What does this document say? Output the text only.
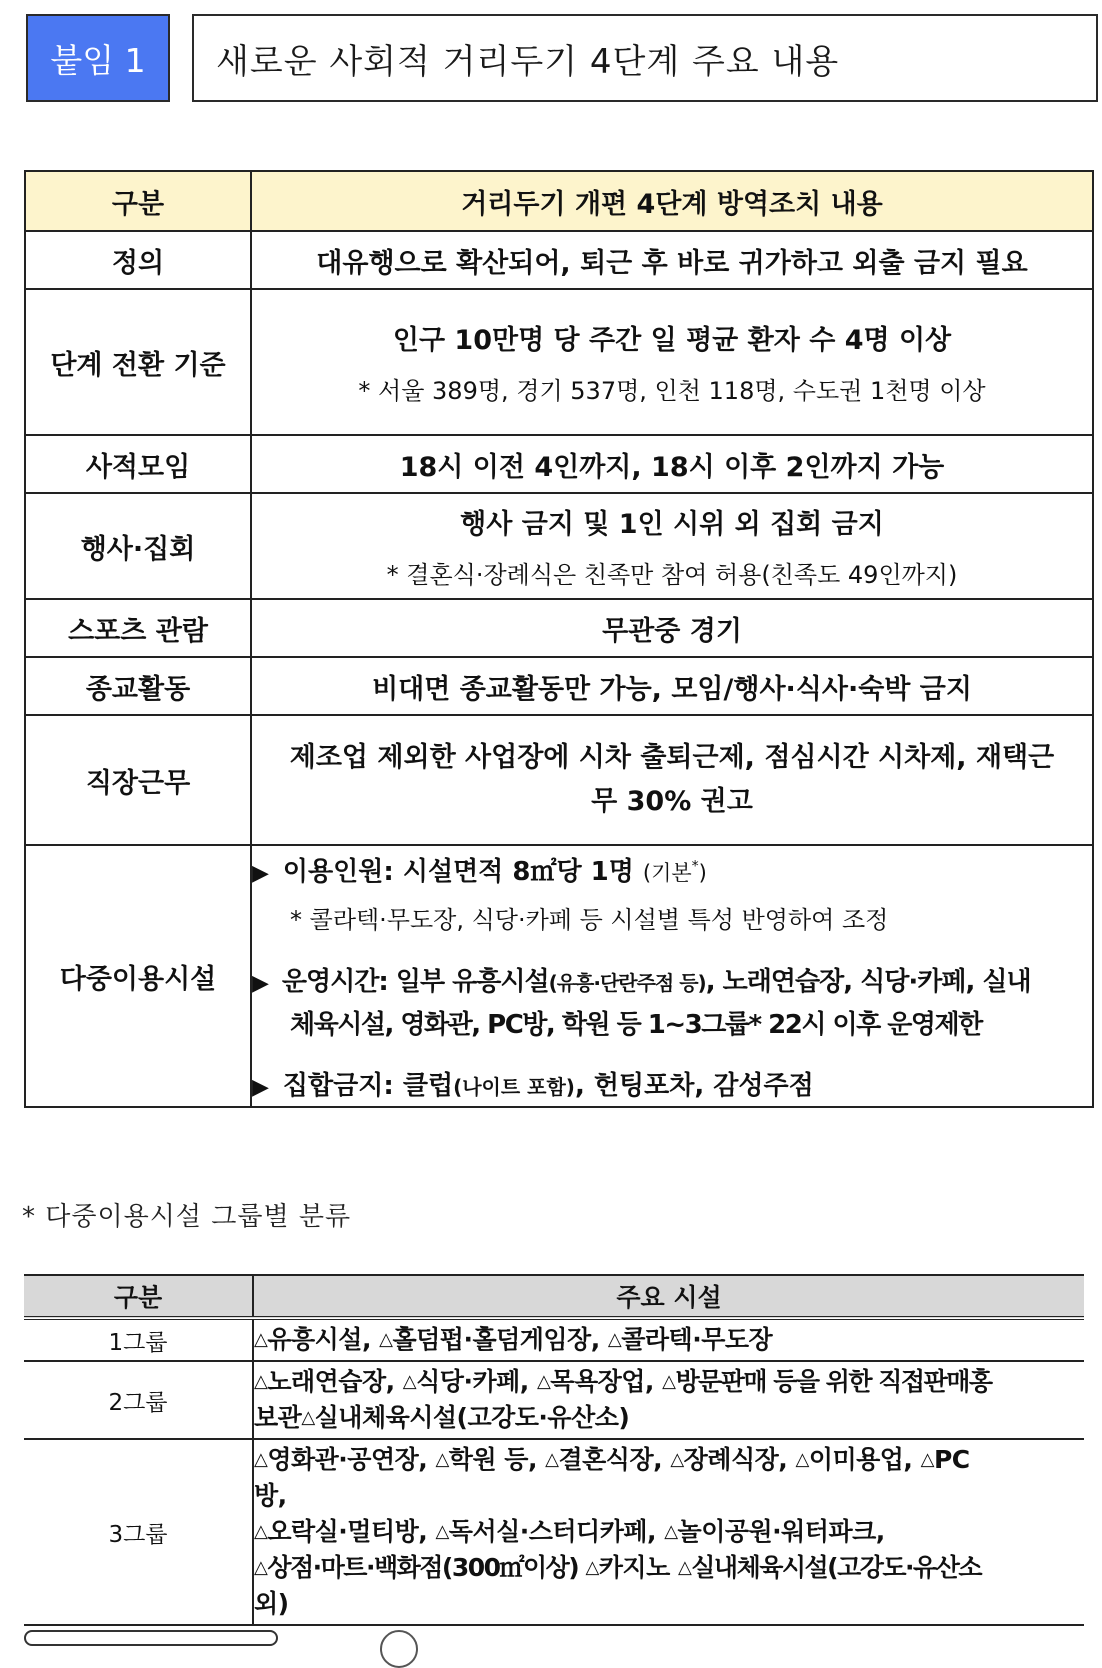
붙임 1	새로운 사회적 거리두기 4단계 주요 내용
구분	거리두기 개편 4단계 방역조치 내용
정의	대유행으로 확산되어, 퇴근 후 바로 귀가하고 외출 금지 필요
단계 전환 기준	인구 10만명 당 주간 일 평균 환자 수 4명 이상
* 서울 389명, 경기 537명, 인천 118명, 수도권 1천명 이상

사적모임	18시 이전 4인까지, 18시 이후 2인까지 가능
행사·집회	행사 금지 및 1인 시위 외 집회 금지
* 결혼식·장례식은 친족만 참여 허용(친족도 49인까지)

스포츠 관람	무관중 경기
종교활동	비대면 종교활동만 가능, 모임/행사·식사·숙박 금지
직장근무	제조업 제외한 사업장에 시차 출퇴근제, 점심시간 시차제, 재택근
무 30% 권고

다중이용시설	▶ 이용인원: 시설면적 8㎡당 1명 (기본*)
* 콜라텍·무도장, 식당·카페 등 시설별 특성 반영하여 조정
▶ 운영시간: 일부 유흥시설(유흥·단란주점 등), 노래연습장, 식당·카페, 실내
체육시설, 영화관, PC방, 학원 등 1~3그룹* 22시 이후 운영제한
▶ 집합금지: 클럽(나이트 포함), 헌팅포차, 감성주점
* 다중이용시설 그룹별 분류
구분	주요 시설
1그룹	△유흥시설, △홀덤펍·홀덤게임장, △콜라텍·무도장
2그룹	△노래연습장, △식당·카페, △목욕장업, △방문판매 등을 위한 직접판매홍
보관△실내체육시설(고강도·유산소)
3그룹	△영화관·공연장, △학원 등, △결혼식장, △장례식장, △이미용업, △PC
방,
△오락실·멀티방, △독서실·스터디카페, △놀이공원·워터파크,
△상점·마트·백화점(300㎡이상) △카지노 △실내체육시설(고강도·유산소
외)
